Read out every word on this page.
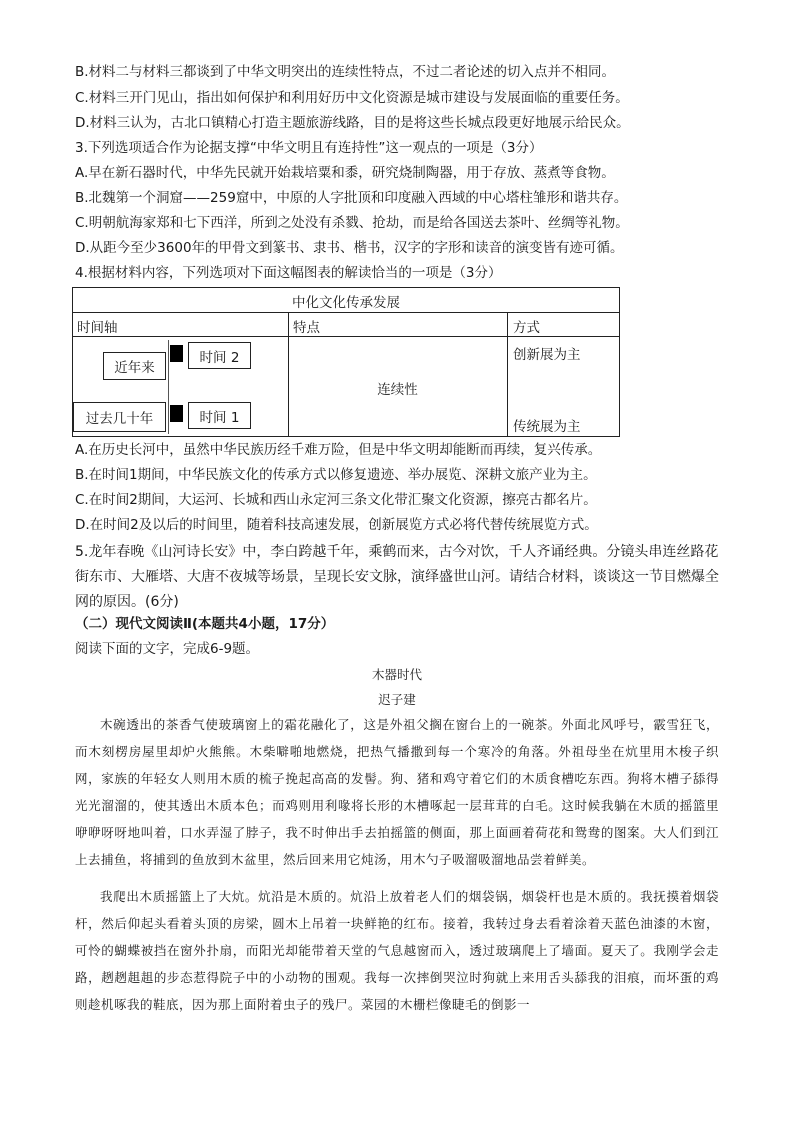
B.材料二与材料三都谈到了中华文明突出的连续性特点，不过二者论述的切入点并不相同。
C.材料三开门见山，指出如何保护和利用好历中文化资源是城市建设与发展面临的重要任务。
D.材料三认为，古北口镇精心打造主题旅游线路，目的是将这些长城点段更好地展示给民众。
3.下列选项适合作为论据支撑“中华文明且有连持性”这一观点的一项是（3分）
A.早在新石器时代，中华先民就开始栽培粟和黍，研究烧制陶器，用于存放、蒸煮等食物。
B.北魏第一个洞窟——259窟中，中原的人字批顶和印度融入西域的中心塔柱雏形和谐共存。
C.明朝航海家郑和七下西洋，所到之处没有杀戮、抢劫，而是给各国送去茶叶、丝绸等礼物。
D.从距今至少3600年的甲骨文到篆书、隶书、楷书，汉字的字形和读音的演变皆有迹可循。
4.根据材料内容，下列选项对下面这幅图表的解读恰当的一项是（3分）
中化文化传承发展
时间轴	特点	方式
近年来
过去几十年
时间 2
时间 1
连续性
创新展为主
传统展为主
A.在历史长河中，虽然中华民族历经千难万险，但是中华文明却能断而再续，复兴传承。
B.在时间1期间，中华民族文化的传承方式以修复遗迹、举办展览、深耕文旅产业为主。
C.在时间2期间，大运河、长城和西山永定河三条文化带汇聚文化资源，擦亮古都名片。
D.在时间2及以后的时间里，随着科技高速发展，创新展览方式必将代替传统展览方式。
5.龙年春晚《山河诗长安》中，李白跨越千年，乘鹤而来，古今对饮，千人齐诵经典。分镜头串连丝路花街东市、大雁塔、大唐不夜城等场景，呈现长安文脉，演绎盛世山河。请结合材料，谈谈这一节目燃爆全网的原因。(6分)
（二）现代文阅读Ⅱ(本题共4小题，17分）
阅读下面的文字，完成6-9题。
木器时代
迟子建
木碗透出的茶香气使玻璃窗上的霜花融化了，这是外祖父搁在窗台上的一碗茶。外面北风呼号，霰雪狂飞，而木刻楞房屋里却炉火熊熊。木柴噼啪地燃烧，把热气播撒到每一个寒冷的角落。外祖母坐在炕里用木梭子织网，家族的年轻女人则用木质的梳子挽起高高的发髻。狗、猪和鸡守着它们的木质食槽吃东西。狗将木槽子舔得光光溜溜的，使其透出木质本色；而鸡则用利喙将长形的木槽啄起一层茸茸的白毛。这时候我躺在木质的摇篮里咿咿呀呀地叫着，口水弄湿了脖子，我不时伸出手去拍摇篮的侧面，那上面画着荷花和鸳鸯的图案。大人们到江上去捕鱼，将捕到的鱼放到木盆里，然后回来用它炖汤，用木勺子吸溜吸溜地品尝着鲜美。
我爬出木质摇篮上了大炕。炕沿是木质的。炕沿上放着老人们的烟袋锅，烟袋杆也是木质的。我抚摸着烟袋杆，然后仰起头看着头顶的房梁，圆木上吊着一块鲜艳的红布。接着，我转过身去看着涂着天蓝色油漆的木窗，可怜的蝴蝶被挡在窗外扑扇，而阳光却能带着天堂的气息越窗而入，透过玻璃爬上了墙面。夏天了。我刚学会走路，趔趔趄趄的步态惹得院子中的小动物的围观。我每一次摔倒哭泣时狗就上来用舌头舔我的泪痕，而坏蛋的鸡则趁机啄我的鞋底，因为那上面附着虫子的残尸。菜园的木栅栏像睫毛的倒影一
